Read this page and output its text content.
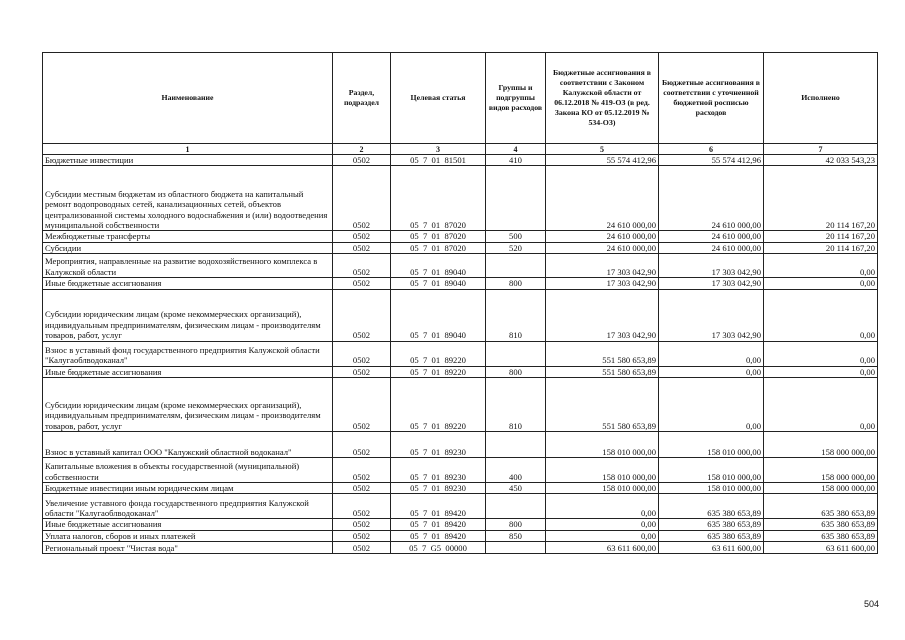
Наименование	Раздел, подраздел	Целевая статья	Группы и подгруппы видов расходов	Бюджетные ассигнования в соответствии с Законом Калужской области от 06.12.2018 № 419-ОЗ (в ред. Закона КО от 05.12.2019 № 534-ОЗ)	Бюджетные ассигнования в соответствии с уточненной бюджетной росписью расходов	Исполнено
1	2	3	4	5	6	7
Бюджетные инвестиции	0502	05  7  01  81501	410	55 574 412,96	55 574 412,96	42 033 543,23
Субсидии местным бюджетам из областного бюджета на капитальный ремонт водопроводных сетей, канализационных сетей, объектов централизованной системы холодного водоснабжения и (или) водоотведения муниципальной собственности	0502	05  7  01  87020		24 610 000,00	24 610 000,00	20 114 167,20
Межбюджетные трансферты	0502	05  7  01  87020	500	24 610 000,00	24 610 000,00	20 114 167,20
Субсидии	0502	05  7  01  87020	520	24 610 000,00	24 610 000,00	20 114 167,20
Мероприятия, направленные на развитие водохозяйственного комплекса в Калужской области	0502	05  7  01  89040		17 303 042,90	17 303 042,90	0,00
Иные бюджетные ассигнования	0502	05  7  01  89040	800	17 303 042,90	17 303 042,90	0,00
Субсидии юридическим лицам (кроме некоммерческих организаций), индивидуальным предпринимателям, физическим лицам - производителям товаров, работ, услуг	0502	05  7  01  89040	810	17 303 042,90	17 303 042,90	0,00
Взнос в уставный фонд государственного предприятия Калужской области "Калугаоблводоканал"	0502	05  7  01  89220		551 580 653,89	0,00	0,00
Иные бюджетные ассигнования	0502	05  7  01  89220	800	551 580 653,89	0,00	0,00
Субсидии юридическим лицам (кроме некоммерческих организаций), индивидуальным предпринимателям, физическим лицам - производителям товаров, работ, услуг	0502	05  7  01  89220	810	551 580 653,89	0,00	0,00
Взнос в уставный капитал ООО "Калужский областной водоканал"	0502	05  7  01  89230		158 010 000,00	158 010 000,00	158 000 000,00
Капитальные вложения в объекты государственной (муниципальной) собственности	0502	05  7  01  89230	400	158 010 000,00	158 010 000,00	158 000 000,00
Бюджетные инвестиции иным юридическим лицам	0502	05  7  01  89230	450	158 010 000,00	158 010 000,00	158 000 000,00
Увеличение уставного фонда государственного предприятия Калужской области "Калугаоблводоканал"	0502	05  7  01  89420		0,00	635 380 653,89	635 380 653,89
Иные бюджетные ассигнования	0502	05  7  01  89420	800	0,00	635 380 653,89	635 380 653,89
Уплата налогов, сборов и иных платежей	0502	05  7  01  89420	850	0,00	635 380 653,89	635 380 653,89
Региональный проект "Чистая вода"	0502	05  7  G5  00000		63 611 600,00	63 611 600,00	63 611 600,00
504
